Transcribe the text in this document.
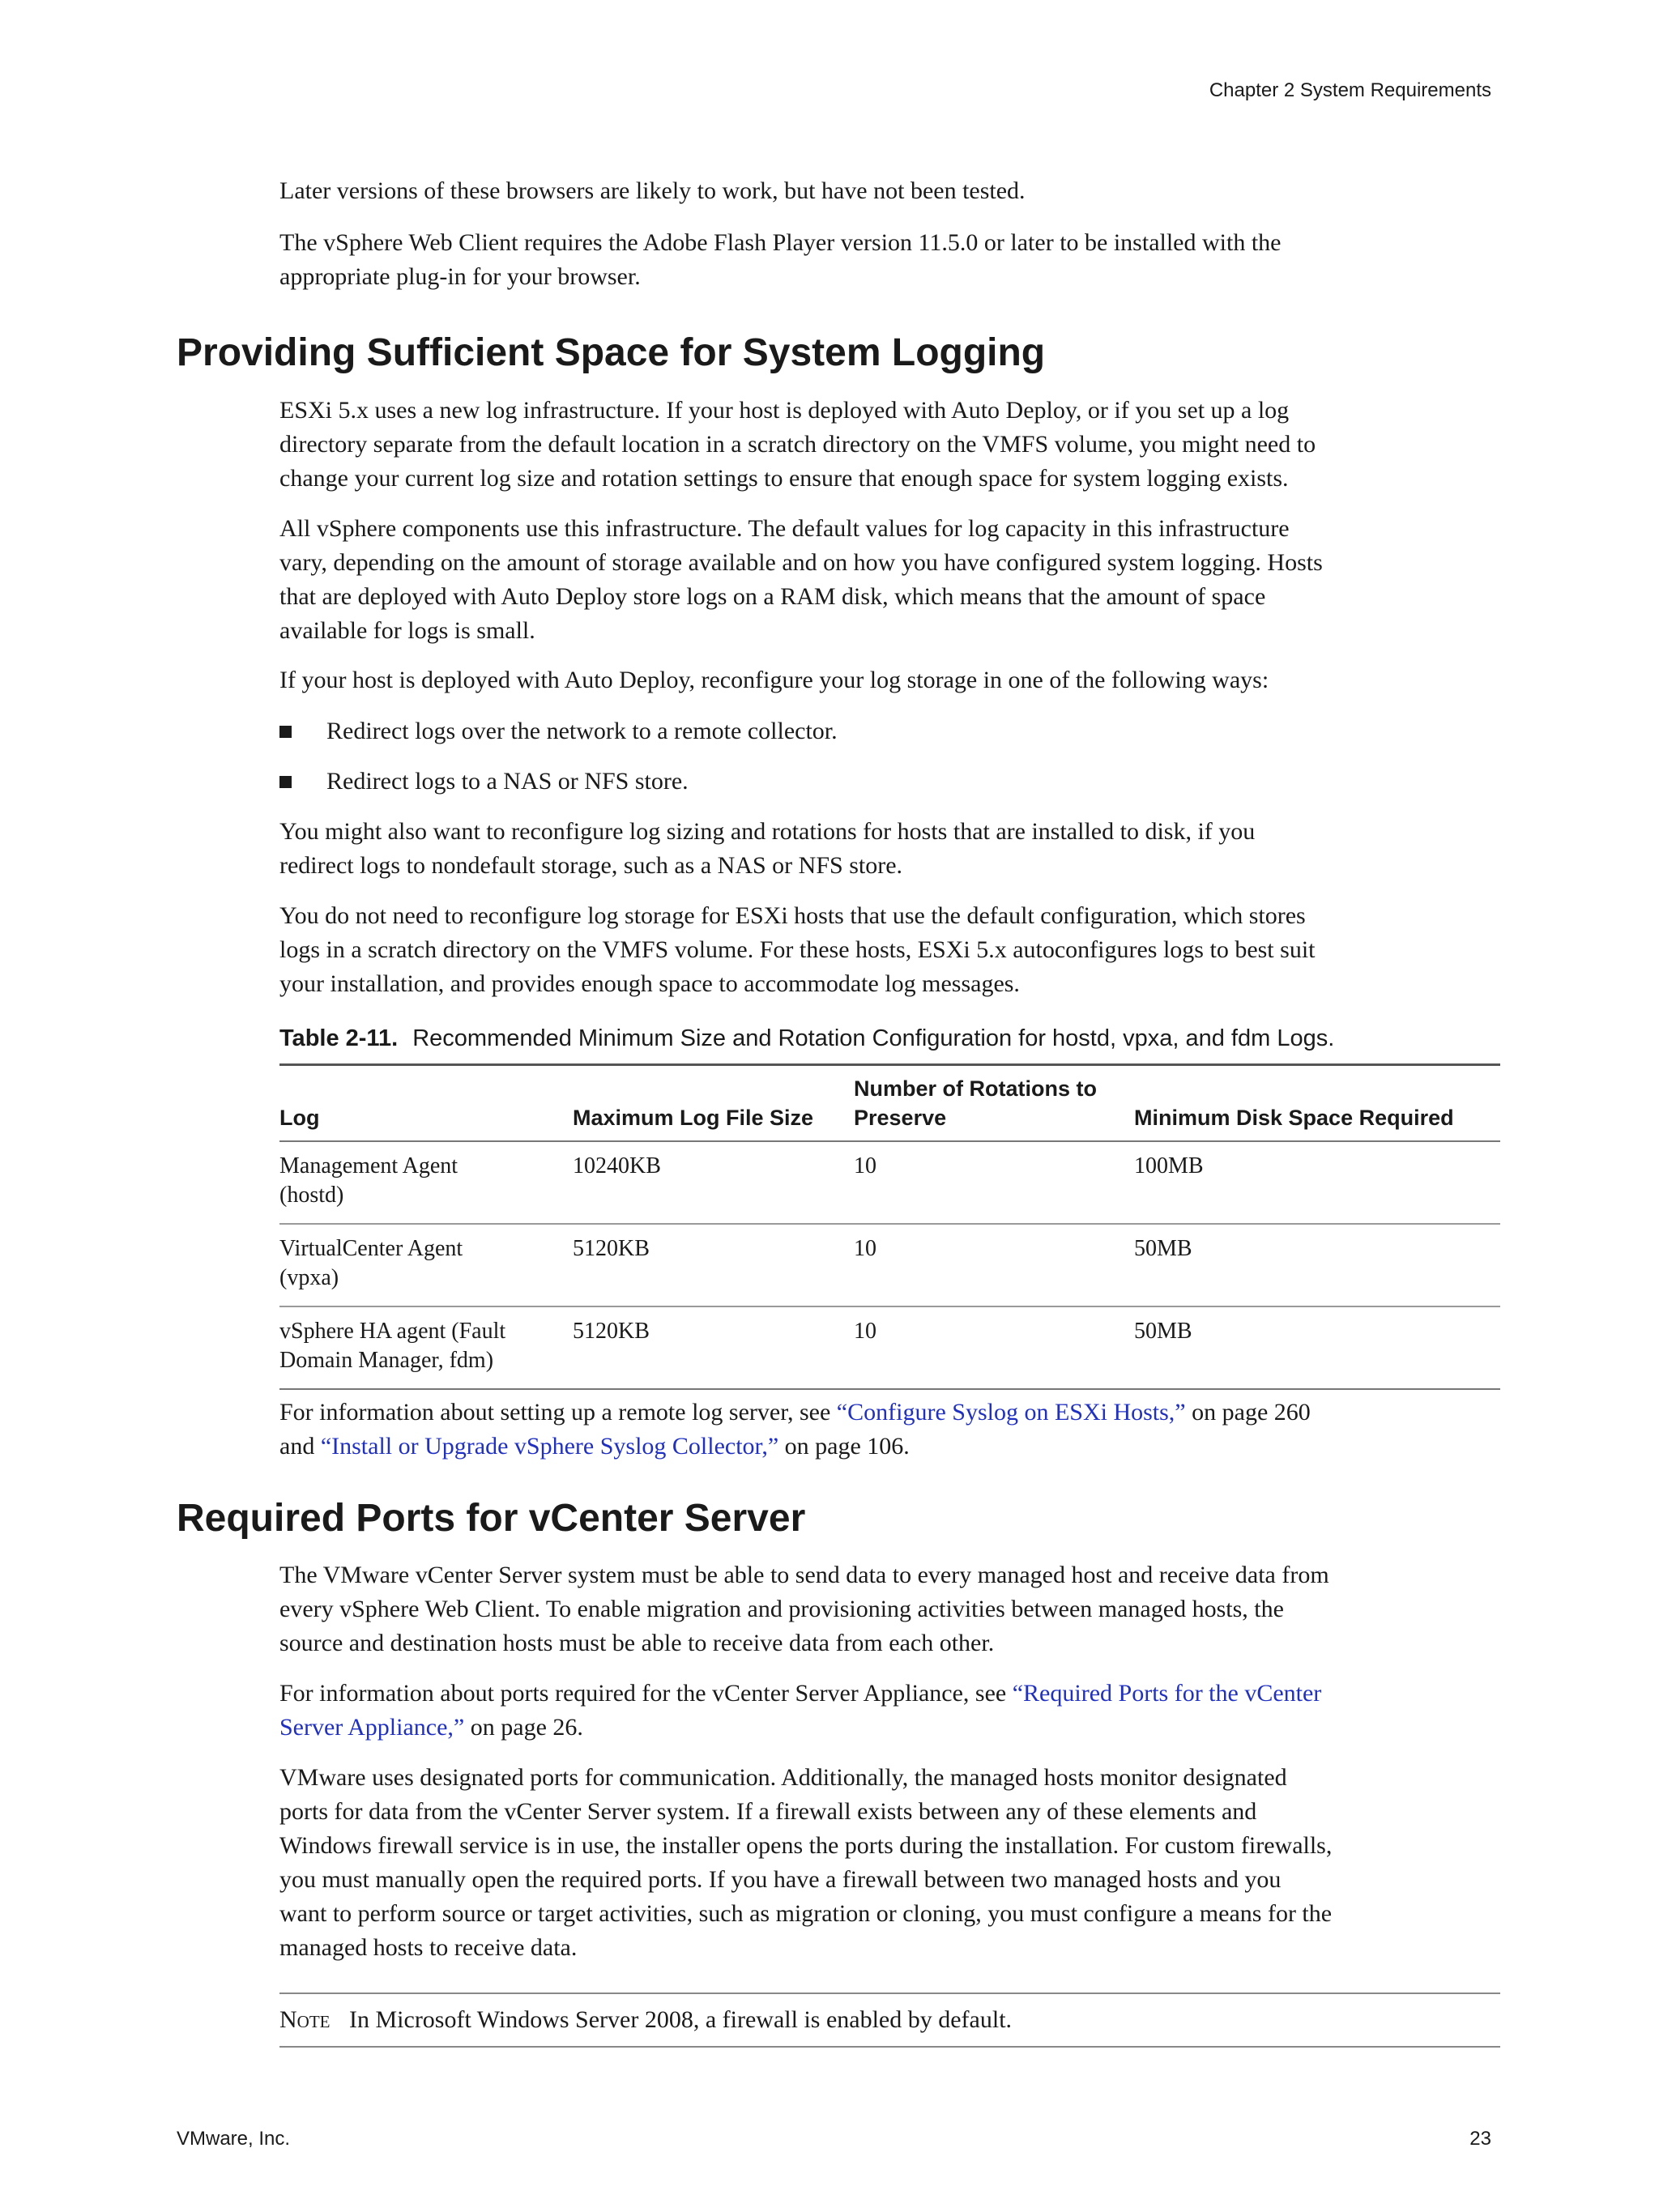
Chapter 2 System Requirements

Later versions of these browsers are likely to work, but have not been tested.

The vSphere Web Client requires the Adobe Flash Player version 11.5.0 or later to be installed with the
appropriate plug-in for your browser.

Providing Sufficient Space for System Logging

ESXi 5.x uses a new log infrastructure. If your host is deployed with Auto Deploy, or if you set up a log
directory separate from the default location in a scratch directory on the VMFS volume, you might need to
change your current log size and rotation settings to ensure that enough space for system logging exists.

All vSphere components use this infrastructure. The default values for log capacity in this infrastructure
vary, depending on the amount of storage available and on how you have configured system logging. Hosts
that are deployed with Auto Deploy store logs on a RAM disk, which means that the amount of space
available for logs is small.

If your host is deployed with Auto Deploy, reconfigure your log storage in one of the following ways:

Redirect logs over the network to a remote collector.
Redirect logs to a NAS or NFS store.

You might also want to reconfigure log sizing and rotations for hosts that are installed to disk, if you
redirect logs to nondefault storage, such as a NAS or NFS store.

You do not need to reconfigure log storage for ESXi hosts that use the default configuration, which stores
logs in a scratch directory on the VMFS volume. For these hosts, ESXi 5.x autoconfigures logs to best suit
your installation, and provides enough space to accommodate log messages.

Table 2-11. Recommended Minimum Size and Rotation Configuration for hostd, vpxa, and fdm Logs.
Log	Maximum Log File Size	Number of Rotations to
Preserve	Minimum Disk Space Required
Management Agent
(hostd)	10240KB	10	100MB
VirtualCenter Agent
(vpxa)	5120KB	10	50MB
vSphere HA agent (Fault
Domain Manager, fdm)	5120KB	10	50MB

For information about setting up a remote log server, see “Configure Syslog on ESXi Hosts,” on page 260
and “Install or Upgrade vSphere Syslog Collector,” on page 106.

Required Ports for vCenter Server

The VMware vCenter Server system must be able to send data to every managed host and receive data from
every vSphere Web Client. To enable migration and provisioning activities between managed hosts, the
source and destination hosts must be able to receive data from each other.

For information about ports required for the vCenter Server Appliance, see “Required Ports for the vCenter
Server Appliance,” on page 26.

VMware uses designated ports for communication. Additionally, the managed hosts monitor designated
ports for data from the vCenter Server system. If a firewall exists between any of these elements and
Windows firewall service is in use, the installer opens the ports during the installation. For custom firewalls,
you must manually open the required ports. If you have a firewall between two managed hosts and you
want to perform source or target activities, such as migration or cloning, you must configure a means for the
managed hosts to receive data.

Note In Microsoft Windows Server 2008, a firewall is enabled by default.
VMware, Inc.	23
